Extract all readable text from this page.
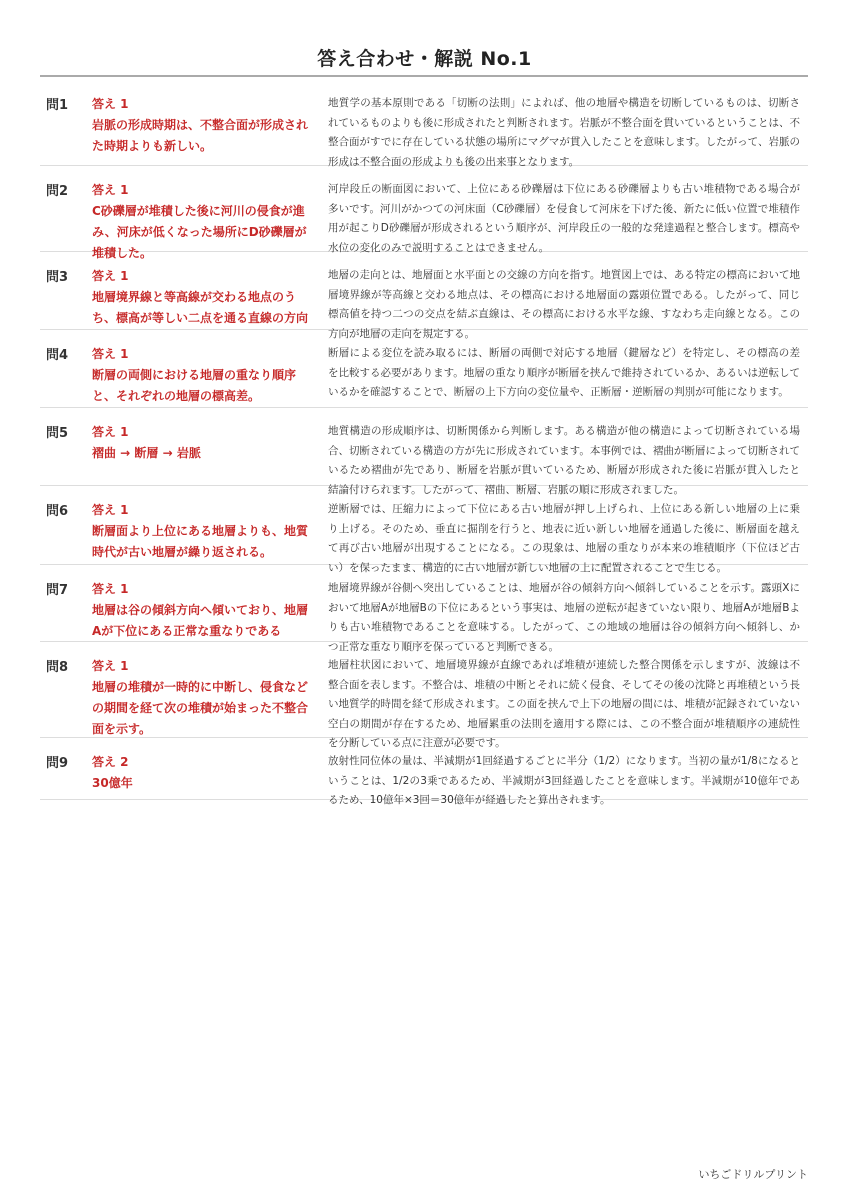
答え合わせ・解説 No.1
問1 答え 1
岩脈の形成時期は、不整合面が形成された時期よりも新しい。
地質学の基本原則である「切断の法則」によれば、他の地層や構造を切断しているものは、切断されているものよりも後に形成されたと判断されます。岩脈が不整合面を貫いているということは、不整合面がすでに存在している状態の場所にマグマが貫入したことを意味します。したがって、岩脈の形成は不整合面の形成よりも後の出来事となります。
問2 答え 1
C砂礫層が堆積した後に河川の侵食が進み、河床が低くなった場所にD砂礫層が堆積した。
河岸段丘の断面図において、上位にある砂礫層は下位にある砂礫層よりも古い堆積物である場合が多いです。河川がかつての河床面（C砂礫層）を侵食して河床を下げた後、新たに低い位置で堆積作用が起こりD砂礫層が形成されるという順序が、河岸段丘の一般的な発達過程と整合します。標高や水位の変化のみで説明することはできません。
問3 答え 1
地層境界線と等高線が交わる地点のうち、標高が等しい二点を通る直線の方向
地層の走向とは、地層面と水平面との交線の方向を指す。地質図上では、ある特定の標高において地層境界線が等高線と交わる地点は、その標高における地層面の露頭位置である。したがって、同じ標高値を持つ二つの交点を結ぶ直線は、その標高における水平な線、すなわち走向線となる。この方向が地層の走向を規定する。
問4 答え 1
断層の両側における地層の重なり順序と、それぞれの地層の標高差。
断層による変位を読み取るには、断層の両側で対応する地層（鍵層など）を特定し、その標高の差を比較する必要があります。地層の重なり順序が断層を挟んで維持されているか、あるいは逆転しているかを確認することで、断層の上下方向の変位量や、正断層・逆断層の判別が可能になります。
問5 答え 1
褶曲 → 断層 → 岩脈
地質構造の形成順序は、切断関係から判断します。ある構造が他の構造によって切断されている場合、切断されている構造の方が先に形成されています。本事例では、褶曲が断層によって切断されているため褶曲が先であり、断層を岩脈が貫いているため、断層が形成された後に岩脈が貫入したと結論付けられます。したがって、褶曲、断層、岩脈の順に形成されました。
問6 答え 1
断層面より上位にある地層よりも、地質時代が古い地層が繰り返される。
逆断層では、圧縮力によって下位にある古い地層が押し上げられ、上位にある新しい地層の上に乗り上げる。そのため、垂直に掘削を行うと、地表に近い新しい地層を通過した後に、断層面を越えて再び古い地層が出現することになる。この現象は、地層の重なりが本来の堆積順序（下位ほど古い）を保ったまま、構造的に古い地層が新しい地層の上に配置されることで生じる。
問7 答え 1
地層は谷の傾斜方向へ傾いており、地層Aが下位にある正常な重なりである
地層境界線が谷側へ突出していることは、地層が谷の傾斜方向へ傾斜していることを示す。露頭Xにおいて地層Aが地層Bの下位にあるという事実は、地層の逆転が起きていない限り、地層Aが地層Bよりも古い堆積物であることを意味する。したがって、この地域の地層は谷の傾斜方向へ傾斜し、かつ正常な重なり順序を保っていると判断できる。
問8 答え 1
地層の堆積が一時的に中断し、侵食などの期間を経て次の堆積が始まった不整合面を示す。
地層柱状図において、地層境界線が直線であれば堆積が連続した整合関係を示しますが、波線は不整合面を表します。不整合は、堆積の中断とそれに続く侵食、そしてその後の沈降と再堆積という長い地質学的時間を経て形成されます。この面を挟んで上下の地層の間には、堆積が記録されていない空白の期間が存在するため、地層累重の法則を適用する際には、この不整合面が堆積順序の連続性を分断している点に注意が必要です。
問9 答え 2
30億年
放射性同位体の量は、半減期が1回経過するごとに半分（1/2）になります。当初の量が1/8になるということは、1/2の3乗であるため、半減期が3回経過したことを意味します。半減期が10億年であるため、10億年×3回＝30億年が経過したと算出されます。
いちごドリルプリント
